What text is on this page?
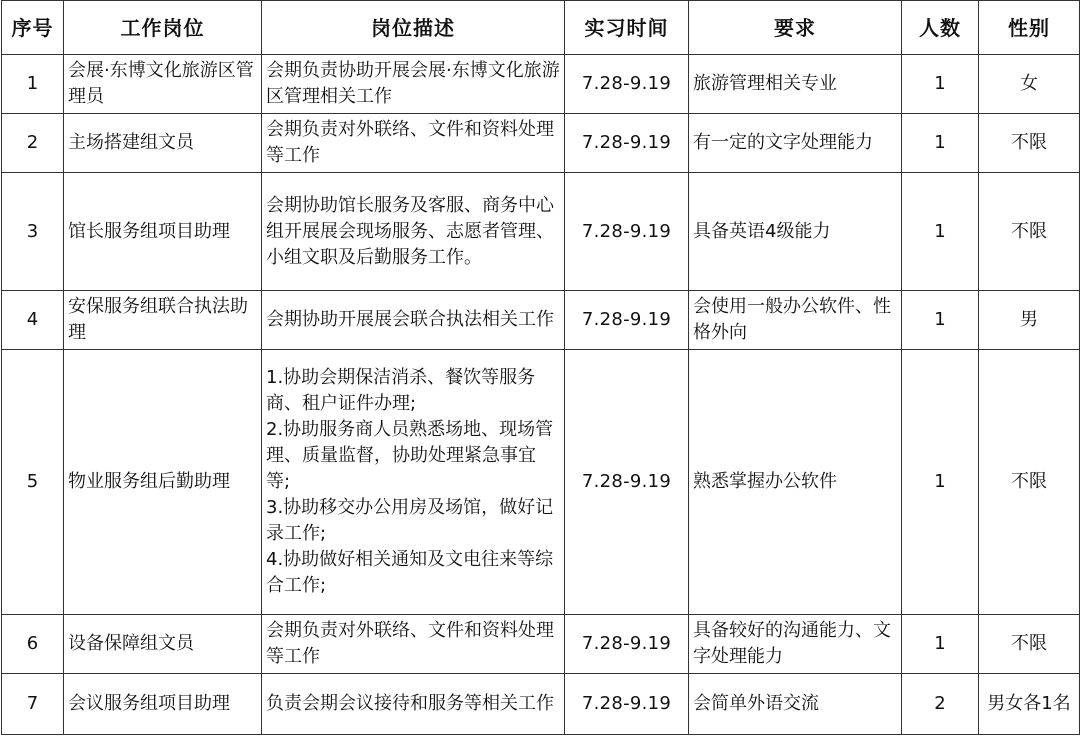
序号	工作岗位	岗位描述	实习时间	要求	人数	性别
1	会展·东博文化旅游区管理员	会期负责协助开展会展·东博文化旅游区管理相关工作	7.28-9.19	旅游管理相关专业	1	女
2	主场搭建组文员	会期负责对外联络、文件和资料处理等工作	7.28-9.19	有一定的文字处理能力	1	不限
3	馆长服务组项目助理	会期协助馆长服务及客服、商务中心组开展展会现场服务、志愿者管理、小组文职及后勤服务工作。	7.28-9.19	具备英语4级能力	1	不限
4	安保服务组联合执法助理	会期协助开展展会联合执法相关工作	7.28-9.19	会使用一般办公软件、性格外向	1	男
5	物业服务组后勤助理	1.协助会期保洁消杀、餐饮等服务商、租户证件办理;
2.协助服务商人员熟悉场地、现场管理、质量监督，协助处理紧急事宜等;
3.协助移交办公用房及场馆，做好记录工作;
4.协助做好相关通知及文电往来等综合工作;	7.28-9.19	熟悉掌握办公软件	1	不限
6	设备保障组文员	会期负责对外联络、文件和资料处理等工作	7.28-9.19	具备较好的沟通能力、文字处理能力	1	不限
7	会议服务组项目助理	负责会期会议接待和服务等相关工作	7.28-9.19	会简单外语交流	2	男女各1名
